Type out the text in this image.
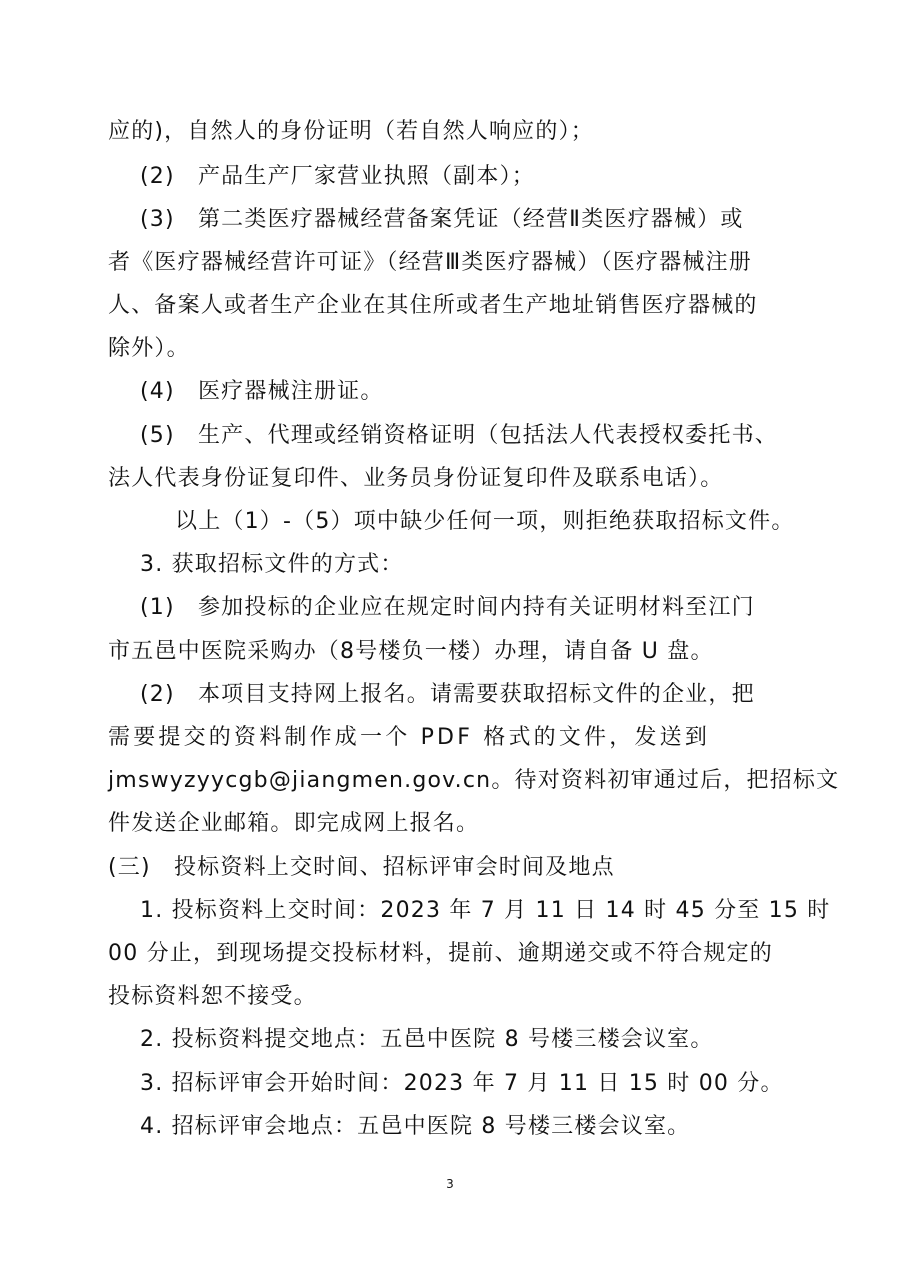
应的)，自然人的身份证明（若自然人响应的）；
(2)　产品生产厂家营业执照（副本）；
(3)　第二类医疗器械经营备案凭证（经营Ⅱ类医疗器械）或
者《医疗器械经营许可证》（经营Ⅲ类医疗器械）（医疗器械注册
人、备案人或者生产企业在其住所或者生产地址销售医疗器械的
除外）。
(4)　医疗器械注册证。
(5)　生产、代理或经销资格证明（包括法人代表授权委托书、
法人代表身份证复印件、业务员身份证复印件及联系电话）。
以上（1）-（5）项中缺少任何一项，则拒绝获取招标文件。
3. 获取招标文件的方式：
(1)　参加投标的企业应在规定时间内持有关证明材料至江门
市五邑中医院采购办（8号楼负一楼）办理，请自备 U 盘。
(2)　本项目支持网上报名。请需要获取招标文件的企业，把
需要提交的资料制作成一个 PDF 格式的文件，发送到
jmswyzyycgb@jiangmen.gov.cn。待对资料初审通过后，把招标文
件发送企业邮箱。即完成网上报名。
(三)　投标资料上交时间、招标评审会时间及地点
1. 投标资料上交时间：2023 年 7 月 11 日 14 时 45 分至 15 时
00 分止，到现场提交投标材料，提前、逾期递交或不符合规定的
投标资料恕不接受。
2. 投标资料提交地点：五邑中医院 8 号楼三楼会议室。
3. 招标评审会开始时间：2023 年 7 月 11 日 15 时 00 分。
4. 招标评审会地点：五邑中医院 8 号楼三楼会议室。
3
